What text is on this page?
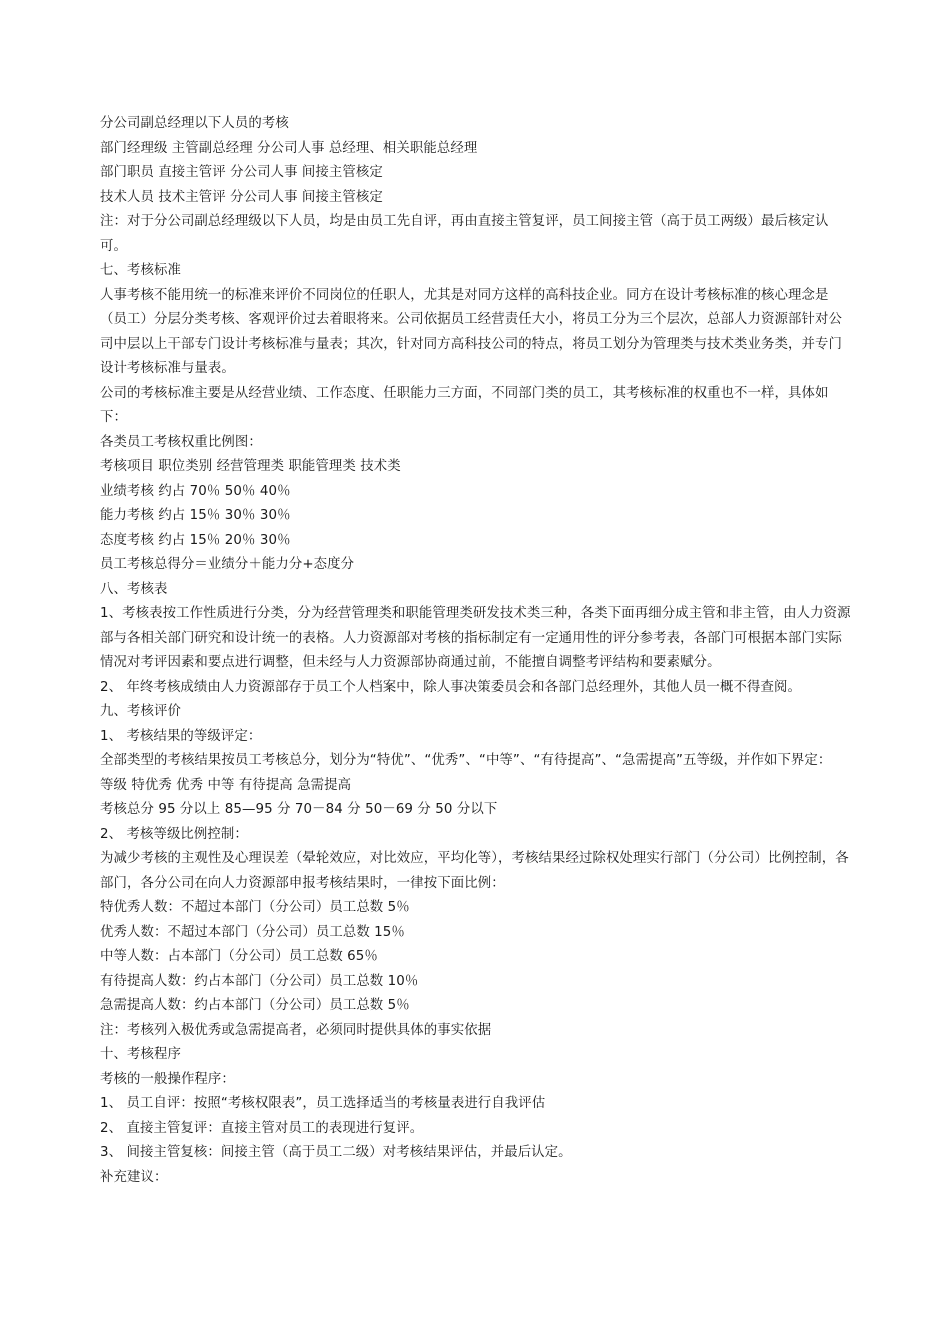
分公司副总经理以下人员的考核

部门经理级 主管副总经理 分公司人事 总经理、相关职能总经理

部门职员 直接主管评 分公司人事 间接主管核定

技术人员 技术主管评 分公司人事 间接主管核定

注：对于分公司副总经理级以下人员，均是由员工先自评，再由直接主管复评，员工间接主管（高于员工两级）最后核定认可。

七、考核标准

人事考核不能用统一的标准来评价不同岗位的任职人，尤其是对同方这样的高科技企业。同方在设计考核标准的核心理念是（员工）分层分类考核、客观评价过去着眼将来。公司依据员工经营责任大小，将员工分为三个层次，总部人力资源部针对公司中层以上干部专门设计考核标准与量表；其次，针对同方高科技公司的特点，将员工划分为管理类与技术类业务类，并专门设计考核标准与量表。

公司的考核标准主要是从经营业绩、工作态度、任职能力三方面，不同部门类的员工，其考核标准的权重也不一样，具体如下：

各类员工考核权重比例图：

考核项目 职位类别 经营管理类 职能管理类 技术类

业绩考核 约占 70％ 50％ 40％

能力考核 约占 15％ 30％ 30％

态度考核 约占 15％ 20％ 30％

员工考核总得分＝业绩分＋能力分+态度分

八、考核表

1、考核表按工作性质进行分类，分为经营管理类和职能管理类研发技术类三种，各类下面再细分成主管和非主管，由人力资源部与各相关部门研究和设计统一的表格。人力资源部对考核的指标制定有一定通用性的评分参考表，各部门可根据本部门实际情况对考评因素和要点进行调整，但未经与人力资源部协商通过前，不能擅自调整考评结构和要素赋分。

2、 年终考核成绩由人力资源部存于员工个人档案中，除人事决策委员会和各部门总经理外，其他人员一概不得查阅。

九、考核评价

1、 考核结果的等级评定：

全部类型的考核结果按员工考核总分，划分为“特优”、“优秀”、“中等”、“有待提高”、“急需提高”五等级，并作如下界定：

等级 特优秀 优秀 中等 有待提高 急需提高

考核总分 95 分以上 85—95 分 70－84 分 50－69 分 50 分以下

2、 考核等级比例控制：

为减少考核的主观性及心理误差（晕轮效应，对比效应，平均化等），考核结果经过除权处理实行部门（分公司）比例控制，各部门，各分公司在向人力资源部申报考核结果时，一律按下面比例：

特优秀人数：不超过本部门（分公司）员工总数 5％

优秀人数：不超过本部门（分公司）员工总数 15％

中等人数：占本部门（分公司）员工总数 65％

有待提高人数：约占本部门（分公司）员工总数 10％

急需提高人数：约占本部门（分公司）员工总数 5％

注：考核列入极优秀或急需提高者，必须同时提供具体的事实依据

十、考核程序

考核的一般操作程序：

1、 员工自评：按照“考核权限表”，员工选择适当的考核量表进行自我评估

2、 直接主管复评：直接主管对员工的表现进行复评。

3、 间接主管复核：间接主管（高于员工二级）对考核结果评估，并最后认定。

补充建议：
